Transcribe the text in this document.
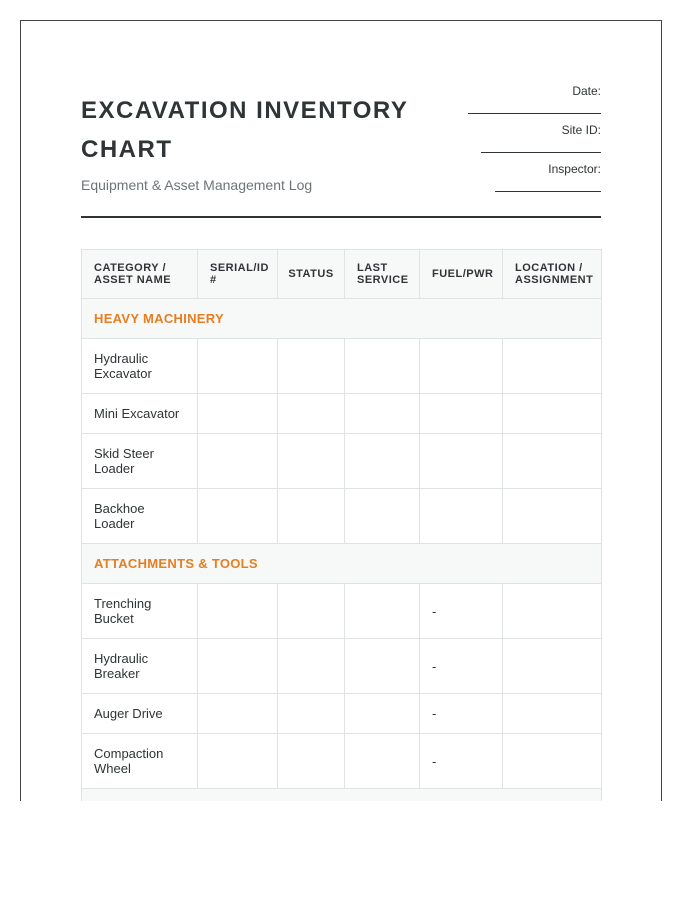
EXCAVATION INVENTORY CHART
Equipment & Asset Management Log
Date:
Site ID:
Inspector:
CATEGORY / ASSET NAME	SERIAL/ID #	STATUS	LAST SERVICE	FUEL/PWR	LOCATION / ASSIGNMENT
HEAVY MACHINERY					
Hydraulic Excavator					
Mini Excavator					
Skid Steer Loader					
Backhoe Loader					
ATTACHMENTS & TOOLS					
Trenching Bucket				-	
Hydraulic Breaker				-	
Auger Drive				-	
Compaction Wheel				-	
